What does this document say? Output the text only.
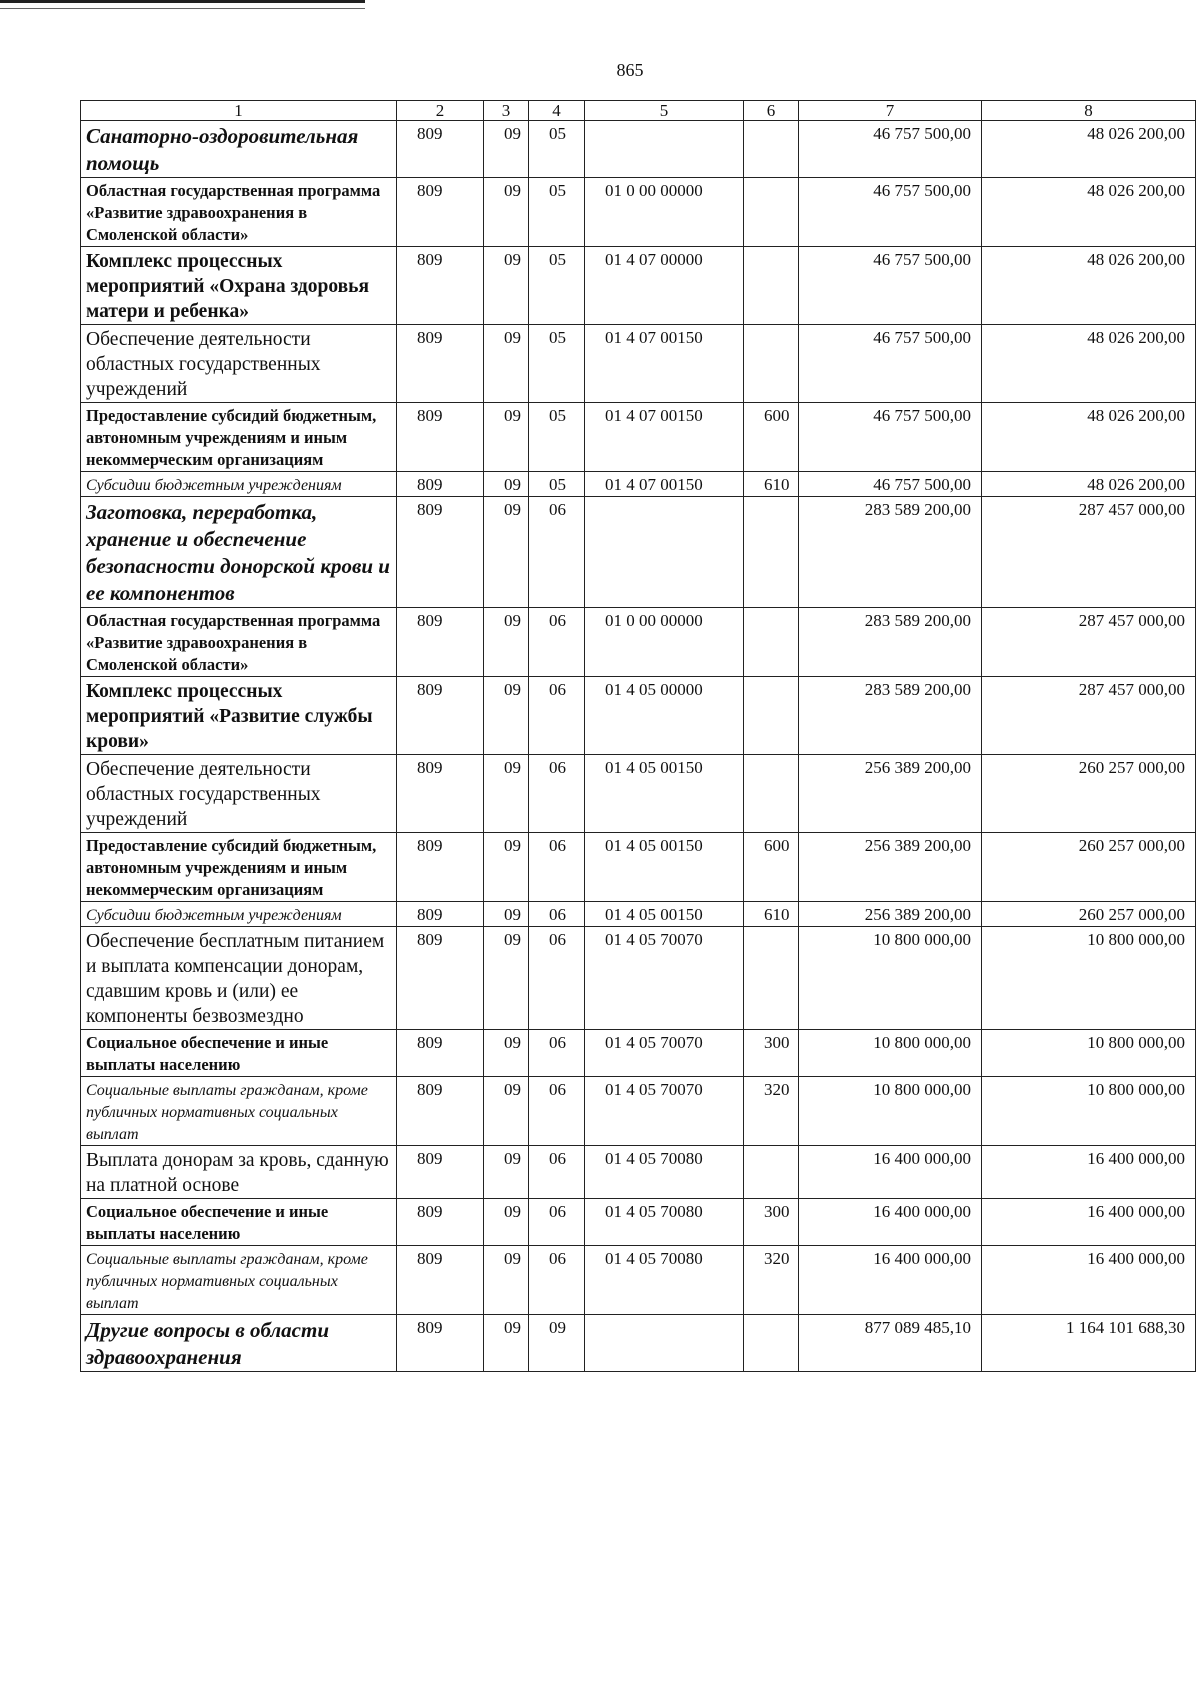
865
1	2	3	4	5	6	7	8
Санаторно-оздоровительная помощь	809	09	05			46 757 500,00	48 026 200,00
Областная государственная программа «Развитие здравоохранения в Смоленской области»	809	09	05	01 0 00 00000		46 757 500,00	48 026 200,00
Комплекс процессных мероприятий «Охрана здоровья матери и ребенка»	809	09	05	01 4 07 00000		46 757 500,00	48 026 200,00
Обеспечение деятельности областных государственных учреждений	809	09	05	01 4 07 00150		46 757 500,00	48 026 200,00
Предоставление субсидий бюджетным, автономным учреждениям и иным некоммерческим организациям	809	09	05	01 4 07 00150	600	46 757 500,00	48 026 200,00
Субсидии бюджетным учреждениям	809	09	05	01 4 07 00150	610	46 757 500,00	48 026 200,00
Заготовка, переработка, хранение и обеспечение безопасности донорской крови и ее компонентов	809	09	06			283 589 200,00	287 457 000,00
Областная государственная программа «Развитие здравоохранения в Смоленской области»	809	09	06	01 0 00 00000		283 589 200,00	287 457 000,00
Комплекс процессных мероприятий «Развитие службы крови»	809	09	06	01 4 05 00000		283 589 200,00	287 457 000,00
Обеспечение деятельности областных государственных учреждений	809	09	06	01 4 05 00150		256 389 200,00	260 257 000,00
Предоставление субсидий бюджетным, автономным учреждениям и иным некоммерческим организациям	809	09	06	01 4 05 00150	600	256 389 200,00	260 257 000,00
Субсидии бюджетным учреждениям	809	09	06	01 4 05 00150	610	256 389 200,00	260 257 000,00
Обеспечение бесплатным питанием и выплата компенсации донорам, сдавшим кровь и (или) ее компоненты безвозмездно	809	09	06	01 4 05 70070		10 800 000,00	10 800 000,00
Социальное обеспечение и иные выплаты населению	809	09	06	01 4 05 70070	300	10 800 000,00	10 800 000,00
Социальные выплаты гражданам, кроме публичных нормативных социальных выплат	809	09	06	01 4 05 70070	320	10 800 000,00	10 800 000,00
Выплата донорам за кровь, сданную на платной основе	809	09	06	01 4 05 70080		16 400 000,00	16 400 000,00
Социальное обеспечение и иные выплаты населению	809	09	06	01 4 05 70080	300	16 400 000,00	16 400 000,00
Социальные выплаты гражданам, кроме публичных нормативных социальных выплат	809	09	06	01 4 05 70080	320	16 400 000,00	16 400 000,00
Другие вопросы в области здравоохранения	809	09	09			877 089 485,10	1 164 101 688,30
